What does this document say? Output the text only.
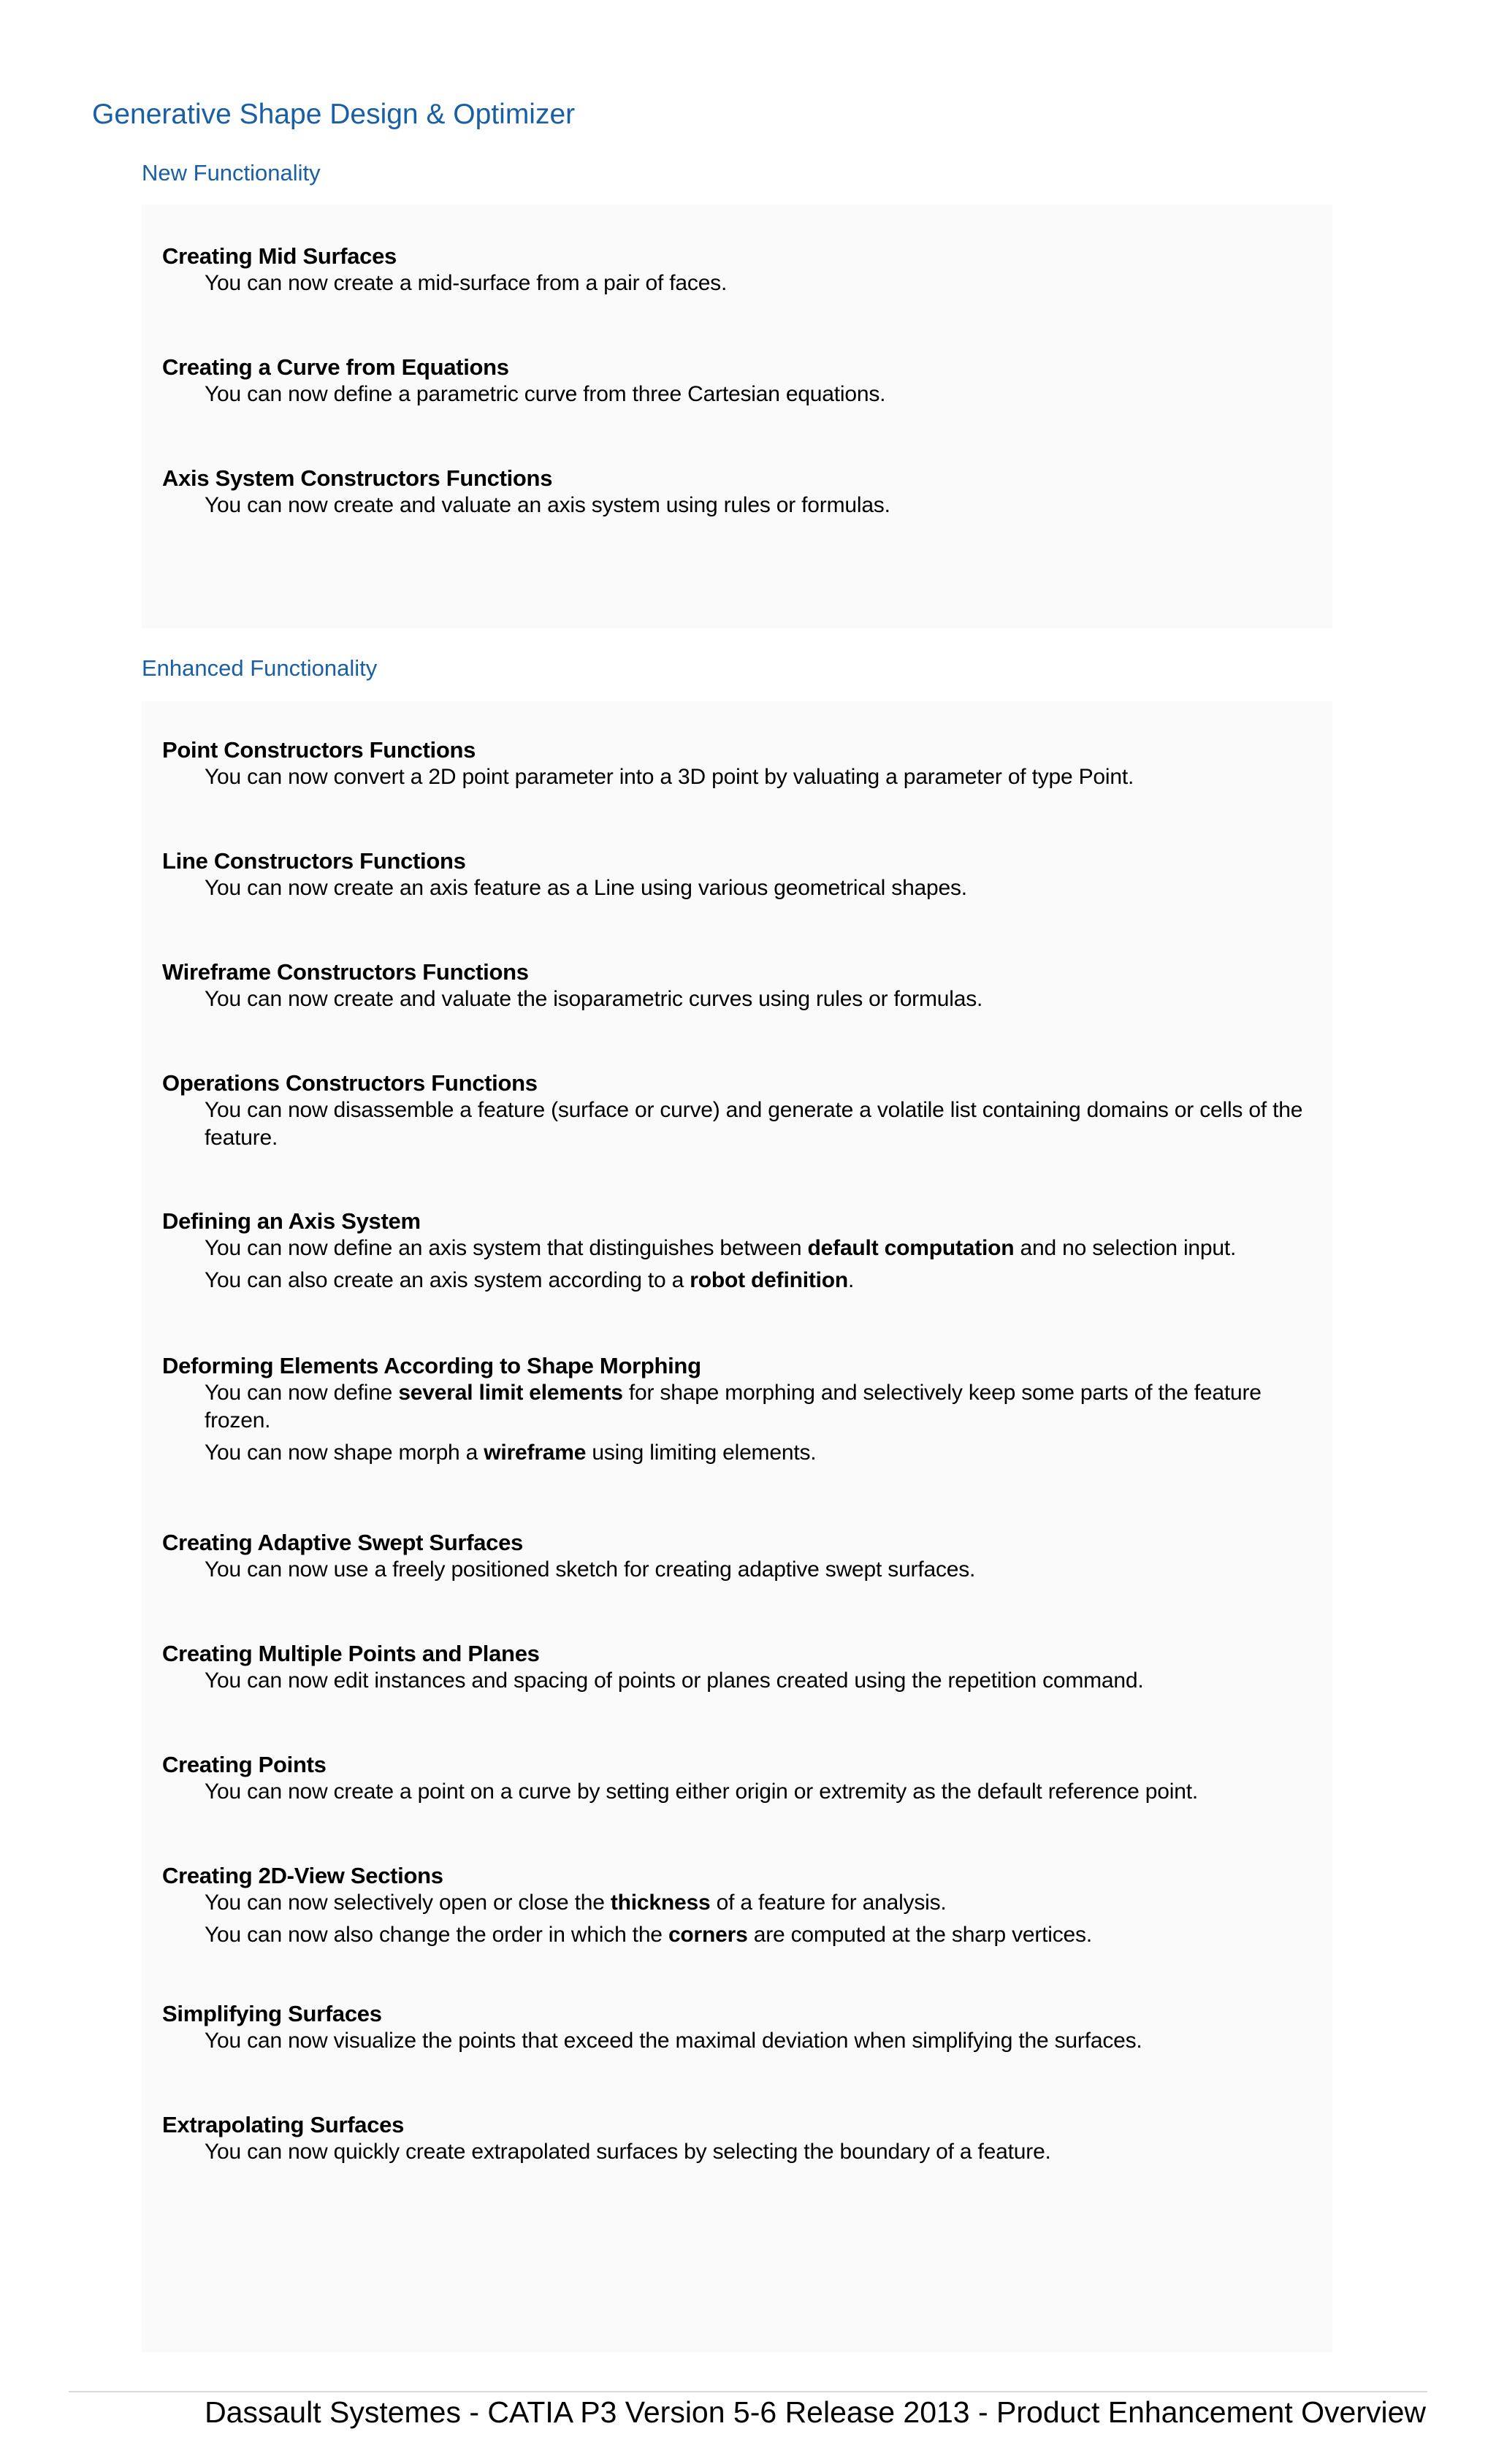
Generative Shape Design & Optimizer
New Functionality
Enhanced Functionality

Creating Mid Surfaces

You can now create a mid-surface from a pair of faces.

Creating a Curve from Equations

You can now define a parametric curve from three Cartesian equations.

Axis System Constructors Functions

You can now create and valuate an axis system using rules or formulas.

Point Constructors Functions

You can now convert a 2D point parameter into a 3D point by valuating a parameter of type Point.

Line Constructors Functions

You can now create an axis feature as a Line using various geometrical shapes.

Wireframe Constructors Functions

You can now create and valuate the isoparametric curves using rules or formulas.

Operations Constructors Functions

You can now disassemble a feature (surface or curve) and generate a volatile list containing domains or cells of the feature.

Defining an Axis System

You can now define an axis system that distinguishes between default computation and no selection input.

You can also create an axis system according to a robot definition.

Deforming Elements According to Shape Morphing

You can now define several limit elements for shape morphing and selectively keep some parts of the feature frozen.

You can now shape morph a wireframe using limiting elements.

Creating Adaptive Swept Surfaces

You can now use a freely positioned sketch for creating adaptive swept surfaces.

Creating Multiple Points and Planes

You can now edit instances and spacing of points or planes created using the repetition command.

Creating Points

You can now create a point on a curve by setting either origin or extremity as the default reference point.

Creating 2D-View Sections

You can now selectively open or close the thickness of a feature for analysis.

You can now also change the order in which the corners are computed at the sharp vertices.

Simplifying Surfaces

You can now visualize the points that exceed the maximal deviation when simplifying the surfaces.

Extrapolating Surfaces

You can now quickly create extrapolated surfaces by selecting the boundary of a feature.

Dassault Systemes - CATIA P3 Version 5-6 Release 2013 - Product Enhancement Overview
